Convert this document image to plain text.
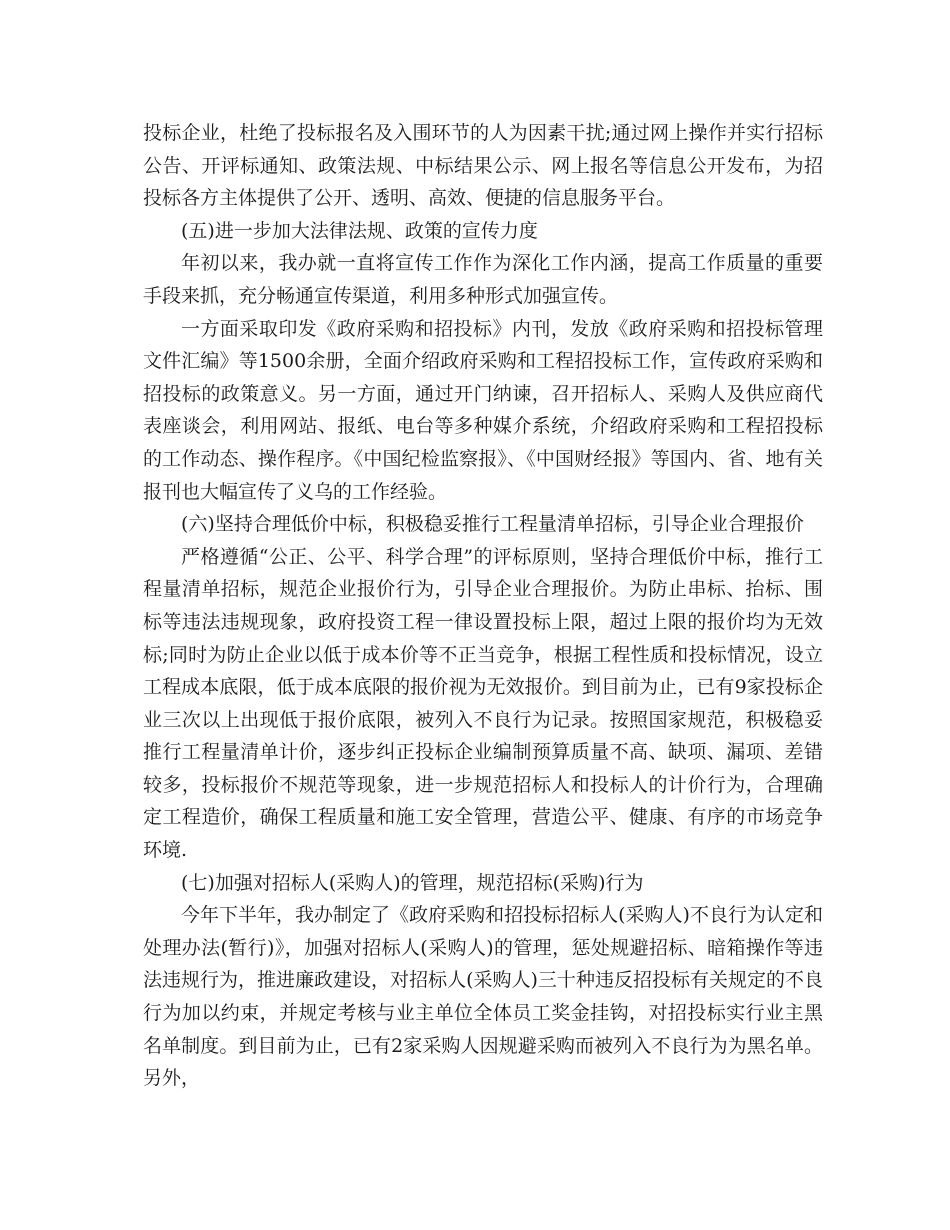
投标企业，杜绝了投标报名及入围环节的人为因素干扰;通过网上操作并实行招标公告、开评标通知、政策法规、中标结果公示、网上报名等信息公开发布，为招投标各方主体提供了公开、透明、高效、便捷的信息服务平台。

(五)进一步加大法律法规、政策的宣传力度

年初以来，我办就一直将宣传工作作为深化工作内涵，提高工作质量的重要手段来抓，充分畅通宣传渠道，利用多种形式加强宣传。

一方面采取印发《政府采购和招投标》内刊，发放《政府采购和招投标管理文件汇编》等1500余册，全面介绍政府采购和工程招投标工作，宣传政府采购和招投标的政策意义。另一方面，通过开门纳谏，召开招标人、采购人及供应商代表座谈会，利用网站、报纸、电台等多种媒介系统，介绍政府采购和工程招投标的工作动态、操作程序。《中国纪检监察报》、《中国财经报》等国内、省、地有关报刊也大幅宣传了义乌的工作经验。

(六)坚持合理低价中标，积极稳妥推行工程量清单招标，引导企业合理报价

严格遵循“公正、公平、科学合理”的评标原则，坚持合理低价中标，推行工程量清单招标，规范企业报价行为，引导企业合理报价。为防止串标、抬标、围标等违法违规现象，政府投资工程一律设置投标上限，超过上限的报价均为无效标;同时为防止企业以低于成本价等不正当竞争，根据工程性质和投标情况，设立工程成本底限，低于成本底限的报价视为无效报价。到目前为止，已有9家投标企业三次以上出现低于报价底限，被列入不良行为记录。按照国家规范，积极稳妥推行工程量清单计价，逐步纠正投标企业编制预算质量不高、缺项、漏项、差错较多，投标报价不规范等现象，进一步规范招标人和投标人的计价行为，合理确定工程造价，确保工程质量和施工安全管理，营造公平、健康、有序的市场竞争环境.

(七)加强对招标人(采购人)的管理，规范招标(采购)行为

今年下半年，我办制定了《政府采购和招投标招标人(采购人)不良行为认定和处理办法(暂行)》，加强对招标人(采购人)的管理，惩处规避招标、暗箱操作等违法违规行为，推进廉政建设，对招标人(采购人)三十种违反招投标有关规定的不良行为加以约束，并规定考核与业主单位全体员工奖金挂钩，对招投标实行业主黑名单制度。到目前为止，已有2家采购人因规避采购而被列入不良行为为黑名单。另外，
